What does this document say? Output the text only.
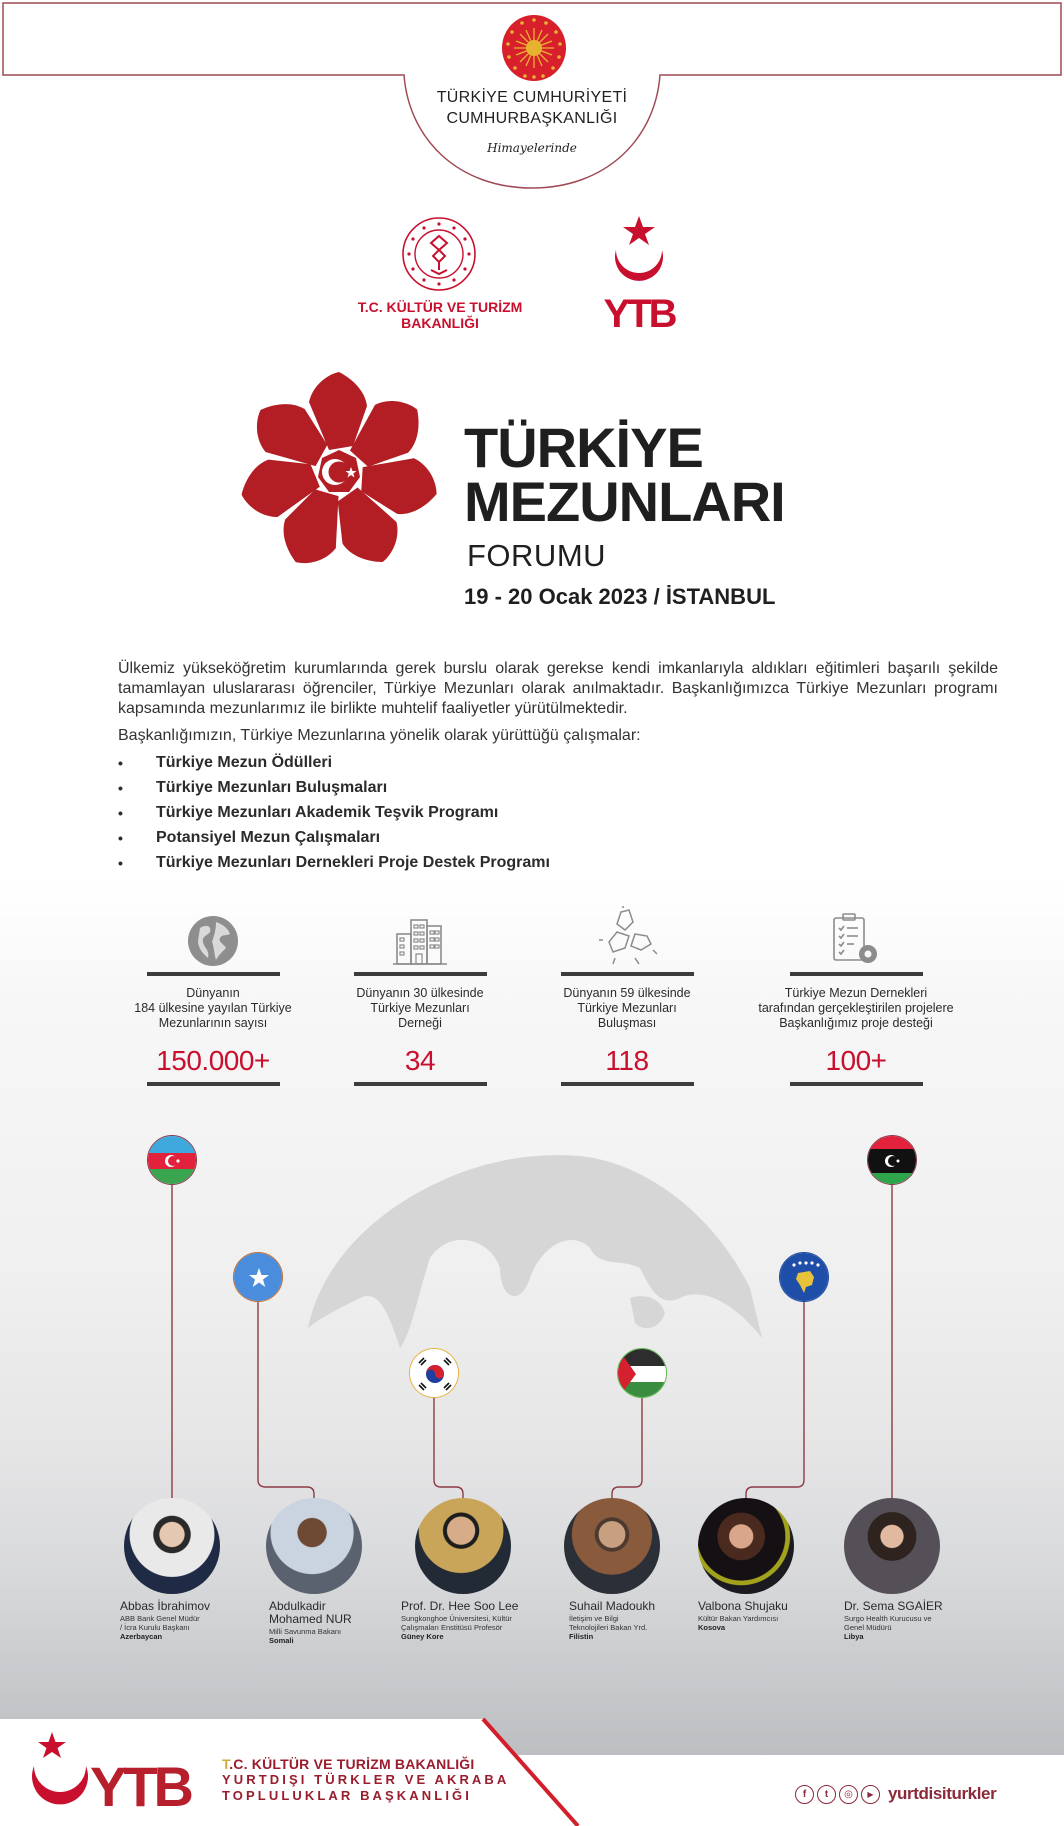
TÜRKİYE CUMHURİYETİ
CUMHURBAŞKANLIĞI
Himayelerinde
T.C. KÜLTÜR VE TURİZM
BAKANLIĞI	YTB
TÜRKİYE
MEZUNLARI
FORUMU
19 - 20 Ocak 2023 / İSTANBUL

Ülkemiz yükseköğretim kurumlarında gerek burslu olarak gerekse kendi imkanlarıyla aldıkları eğitimleri başarılı şekilde tamamlayan uluslararası öğrenciler, Türkiye Mezunları olarak anılmaktadır. Başkanlığımızca Türkiye Mezunları programı kapsamında mezunlarımız ile birlikte muhtelif faaliyetler yürütülmektedir.

Başkanlığımızın, Türkiye Mezunlarına yönelik olarak yürüttüğü çalışmalar:
•	Türkiye Mezun Ödülleri
•	Türkiye Mezunları Buluşmaları
•	Türkiye Mezunları Akademik Teşvik Programı
•	Potansiyel Mezun Çalışmaları
•	Türkiye Mezunları Dernekleri Proje Destek Programı
Dünyanın
184 ülkesine yayılan Türkiye
Mezunlarının sayısı
150.000+
Dünyanın 30 ülkesinde
Türkiye Mezunları
Derneği
34
Dünyanın 59 ülkesinde
Türkiye Mezunları
Buluşması
118
Türkiye Mezun Dernekleri
tarafından gerçekleştirilen projelere
Başkanlığımız proje desteği
100+
Abbas İbrahimov
ABB Bank Genel Müdür
/ İcra Kurulu Başkanı
Azerbaycan
Abdulkadir
Mohamed NUR
Milli Savunma Bakanı
Somali
Prof. Dr. Hee Soo Lee
Sungkonghoe Üniversitesi, Kültür
Çalışmaları Enstitüsü Profesör
Güney Kore
Suhail Madoukh
İletişim ve Bilgi
Teknolojileri Bakan Yrd.
Filistin
Valbona Shujaku
Kültür Bakan Yardımcısı
Kosova
Dr. Sema SGAİER
Surgo Health Kurucusu ve
Genel Müdürü
Libya
YTB T.C. KÜLTÜR VE TURİZM BAKANLIĞI
YURTDIŞI TÜRKLER VE AKRABA
TOPLULUKLAR BAŞKANLIĞI	f	t	◎	▶ yurtdisiturkler
